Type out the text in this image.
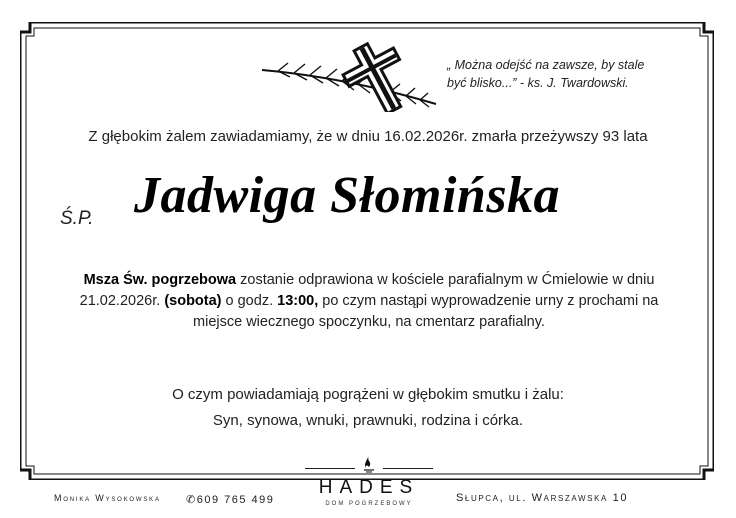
„ Można odejść na zawsze, by stale
być blisko...” - ks. J. Twardowski.
Z głębokim żalem zawiadamiamy, że w dniu 16.02.2026r. zmarła przeżywszy 93 lata
Ś.P. Jadwiga Słomińska
Msza Św. pogrzebowa zostanie odprawiona w kościele parafialnym w Ćmielowie w dniu 21.02.2026r. (sobota) o godz. 13:00, po czym nastąpi wyprowadzenie urny z prochami na miejsce wiecznego spoczynku, na cmentarz parafialny.
O czym powiadamiają pogrążeni w głębokim smutku i żalu:
Syn, synowa, wnuki, prawnuki, rodzina i córka.
Monika Wysokowska ✆609 765 499
HADES
DOM POGRZEBOWY	Słupca, ul. Warszawska 10
